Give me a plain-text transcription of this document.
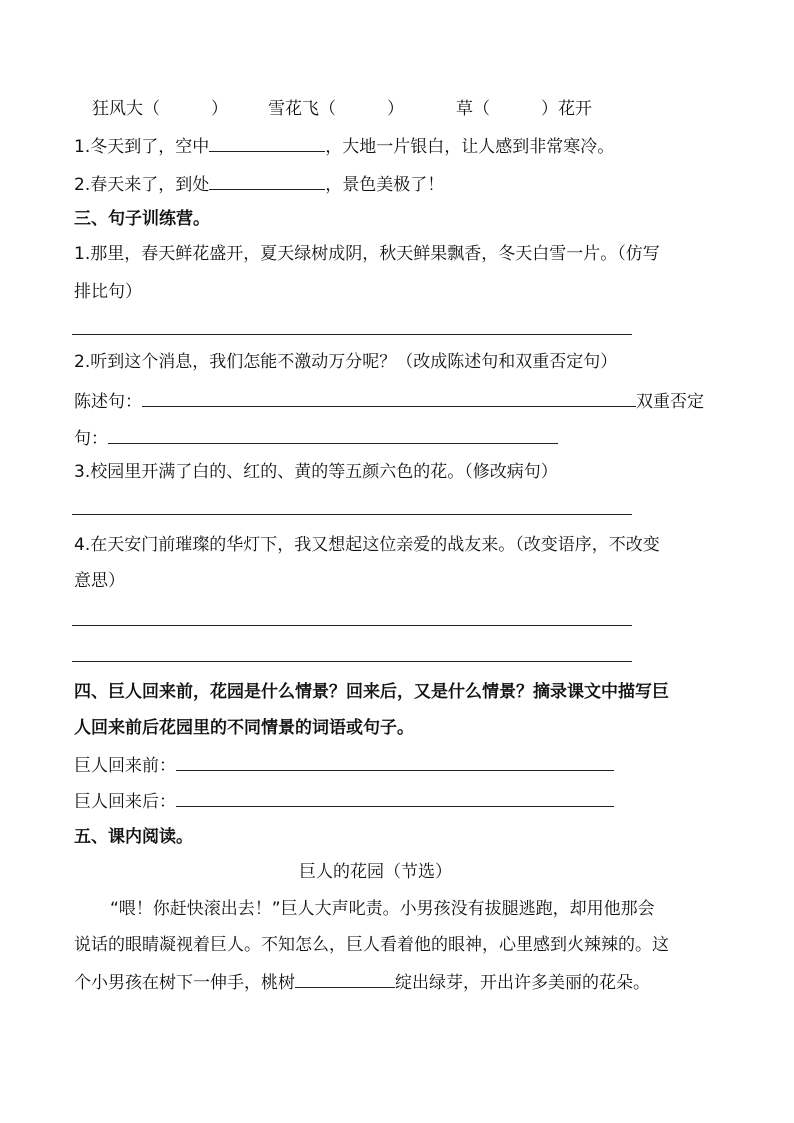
狂风大（　　　） 雪花飞（　　　）	草（　　　）花开
1.冬天到了，空中	，大地一片银白，让人感到非常寒冷。
2.春天来了，到处	，景色美极了！
三、句子训练营。
1.那里，春天鲜花盛开，夏天绿树成阴，秋天鲜果飘香，冬天白雪一片。（仿写
排比句）
2.听到这个消息，我们怎能不激动万分呢？（改成陈述句和双重否定句）
陈述句：	双重否定
句：
3.校园里开满了白的、红的、黄的等五颜六色的花。（修改病句）
4.在天安门前璀璨的华灯下，我又想起这位亲爱的战友来。（改变语序，不改变
意思）
四、巨人回来前，花园是什么情景？回来后，又是什么情景？摘录课文中描写巨
人回来前后花园里的不同情景的词语或句子。
巨人回来前：
巨人回来后：
五、课内阅读。
巨人的花园（节选）
“喂！你赶快滚出去！”巨人大声叱责。小男孩没有拔腿逃跑，却用他那会
说话的眼睛凝视着巨人。不知怎么，巨人看着他的眼神，心里感到火辣辣的。这
个小男孩在树下一伸手，桃树	绽出绿芽，开出许多美丽的花朵。
